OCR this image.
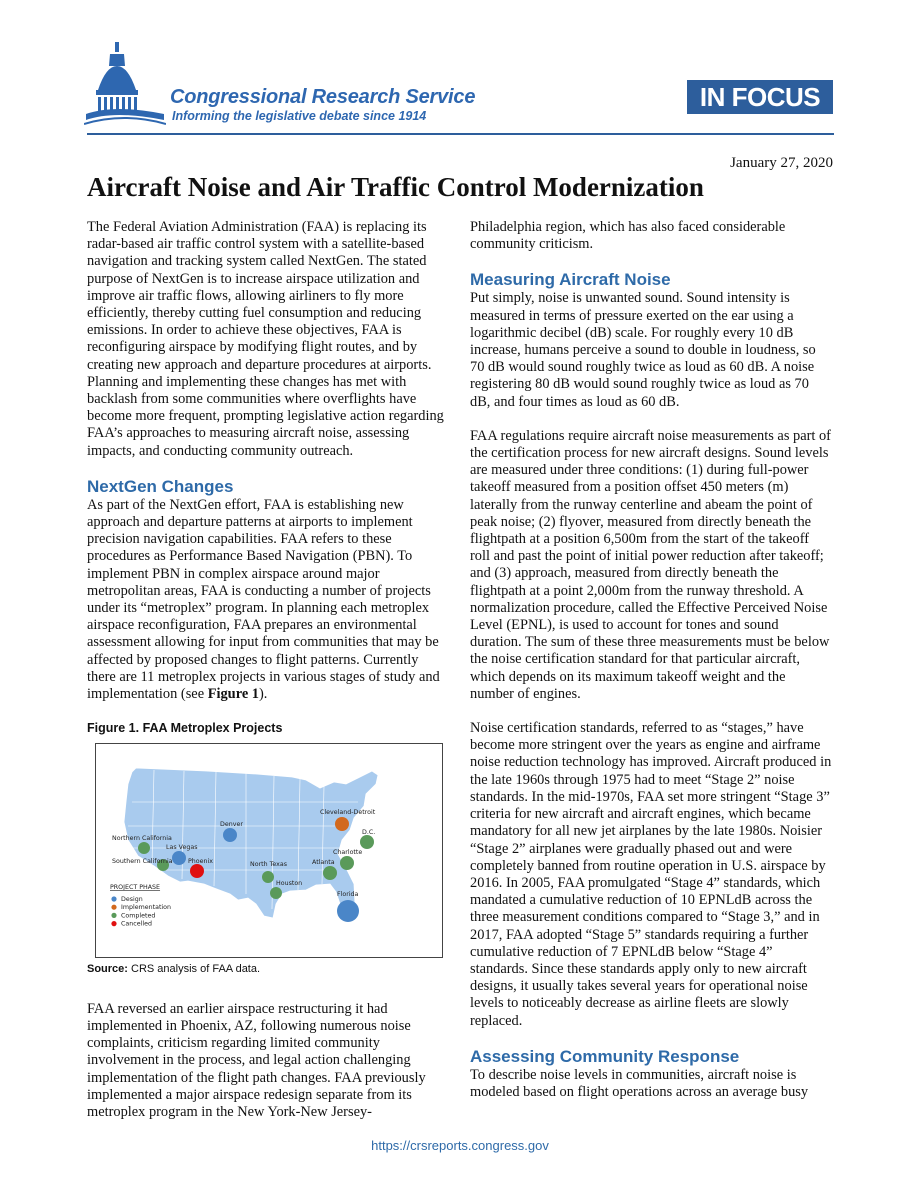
Congressional Research Service
Informing the legislative debate since 1914
IN FOCUS
January 27, 2020
Aircraft Noise and Air Traffic Control Modernization

The Federal Aviation Administration (FAA) is replacing its radar-based air traffic control system with a satellite-based navigation and tracking system called NextGen. The stated purpose of NextGen is to increase airspace utilization and improve air traffic flows, allowing airliners to fly more efficiently, thereby cutting fuel consumption and reducing emissions. In order to achieve these objectives, FAA is reconfiguring airspace by modifying flight routes, and by creating new approach and departure procedures at airports. Planning and implementing these changes has met with backlash from some communities where overflights have become more frequent, prompting legislative action regarding FAA’s approaches to measuring aircraft noise, assessing impacts, and conducting community outreach.

NextGen Changes

As part of the NextGen effort, FAA is establishing new approach and departure patterns at airports to implement precision navigation capabilities. FAA refers to these procedures as Performance Based Navigation (PBN). To implement PBN in complex airspace around major metropolitan areas, FAA is conducting a number of projects under its “metroplex” program. In planning each metroplex airspace reconfiguration, FAA prepares an environmental assessment allowing for input from communities that may be affected by proposed changes to flight patterns. Currently there are 11 metroplex projects in various stages of study and implementation (see Figure 1).

Figure 1. FAA Metroplex Projects
Northern California
Las Vegas
Southern California Phoenix
Denver
North Texas
Houston
Atlanta
Charlotte
D.C.
Cleveland-Detroit
Florida
PROJECT PHASE
Design
Implementation
Completed
Cancelled
Source: CRS analysis of FAA data.

FAA reversed an earlier airspace restructuring it had implemented in Phoenix, AZ, following numerous noise complaints, criticism regarding limited community involvement in the process, and legal action challenging implementation of the flight path changes. FAA previously implemented a major airspace redesign separate from its metroplex program in the New York-New Jersey-

Philadelphia region, which has also faced considerable community criticism.

Measuring Aircraft Noise

Put simply, noise is unwanted sound. Sound intensity is measured in terms of pressure exerted on the ear using a logarithmic decibel (dB) scale. For roughly every 10 dB increase, humans perceive a sound to double in loudness, so 70 dB would sound roughly twice as loud as 60 dB. A noise registering 80 dB would sound roughly twice as loud as 70 dB, and four times as loud as 60 dB.

FAA regulations require aircraft noise measurements as part of the certification process for new aircraft designs. Sound levels are measured under three conditions: (1) during full-power takeoff measured from a position offset 450 meters (m) laterally from the runway centerline and abeam the point of peak noise; (2) flyover, measured from directly beneath the flightpath at a position 6,500m from the start of the takeoff roll and past the point of initial power reduction after takeoff; and (3) approach, measured from directly beneath the flightpath at a point 2,000m from the runway threshold. A normalization procedure, called the Effective Perceived Noise Level (EPNL), is used to account for tones and sound duration. The sum of these three measurements must be below the noise certification standard for that particular aircraft, which depends on its maximum takeoff weight and the number of engines.

Noise certification standards, referred to as “stages,” have become more stringent over the years as engine and airframe noise reduction technology has improved. Aircraft produced in the late 1960s through 1975 had to meet “Stage 2” noise standards. In the mid-1970s, FAA set more stringent “Stage 3” criteria for new aircraft and aircraft engines, which became mandatory for all new jet airplanes by the late 1980s. Noisier “Stage 2” airplanes were gradually phased out and were completely banned from routine operation in U.S. airspace by 2016. In 2005, FAA promulgated “Stage 4” standards, which mandated a cumulative reduction of 10 EPNLdB across the three measurement conditions compared to “Stage 3,” and in 2017, FAA adopted “Stage 5” standards requiring a further cumulative reduction of 7 EPNLdB below “Stage 4” standards. Since these standards apply only to new aircraft designs, it usually takes several years for operational noise levels to noticeably decrease as airline fleets are slowly replaced.

Assessing Community Response

To describe noise levels in communities, aircraft noise is modeled based on flight operations across an average busy

https://crsreports.congress.gov
